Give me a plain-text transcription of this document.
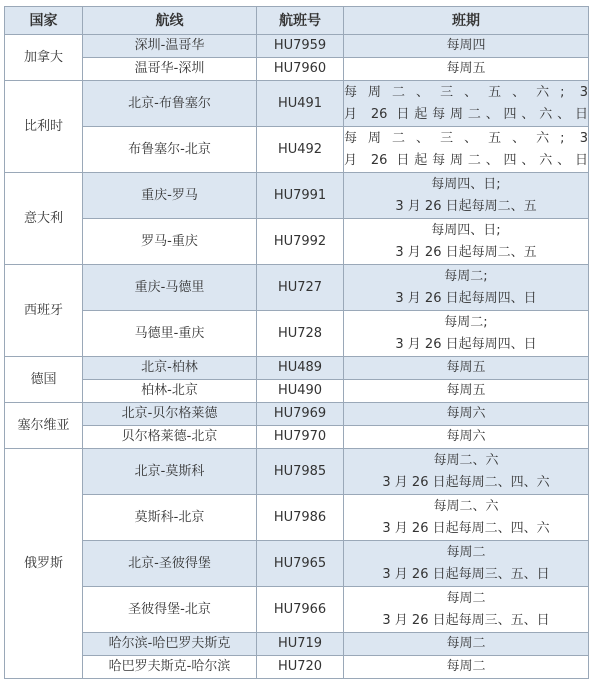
国家	航线	航班号	班期
加拿大	深圳-温哥华	HU7959	每周四

	温哥华-深圳	HU7960	每周五

比利时	北京-布鲁塞尔	HU491	每周二、三、五、六; 3
月 26 日起每周二、四、六、日

	布鲁塞尔-北京	HU492	每周二、三、五、六; 3
月 26 日起每周二、四、六、日

意大利	重庆-罗马	HU7991	每周四、日;
3 月 26 日起每周二、五

	罗马-重庆	HU7992	每周四、日;
3 月 26 日起每周二、五

西班牙	重庆-马德里	HU727	每周二;
3 月 26 日起每周四、日

	马德里-重庆	HU728	每周二;
3 月 26 日起每周四、日

德国	北京-柏林	HU489	每周五

	柏林-北京	HU490	每周五

塞尔维亚	北京-贝尔格莱德	HU7969	每周六

	贝尔格莱德-北京	HU7970	每周六

俄罗斯	北京-莫斯科	HU7985	每周二、六
3 月 26 日起每周二、四、六

	莫斯科-北京	HU7986	每周二、六
3 月 26 日起每周二、四、六

	北京-圣彼得堡	HU7965	每周二
3 月 26 日起每周三、五、日

	圣彼得堡-北京	HU7966	每周二
3 月 26 日起每周三、五、日

	哈尔滨-哈巴罗夫斯克	HU719	每周二

	哈巴罗夫斯克-哈尔滨	HU720	每周二
